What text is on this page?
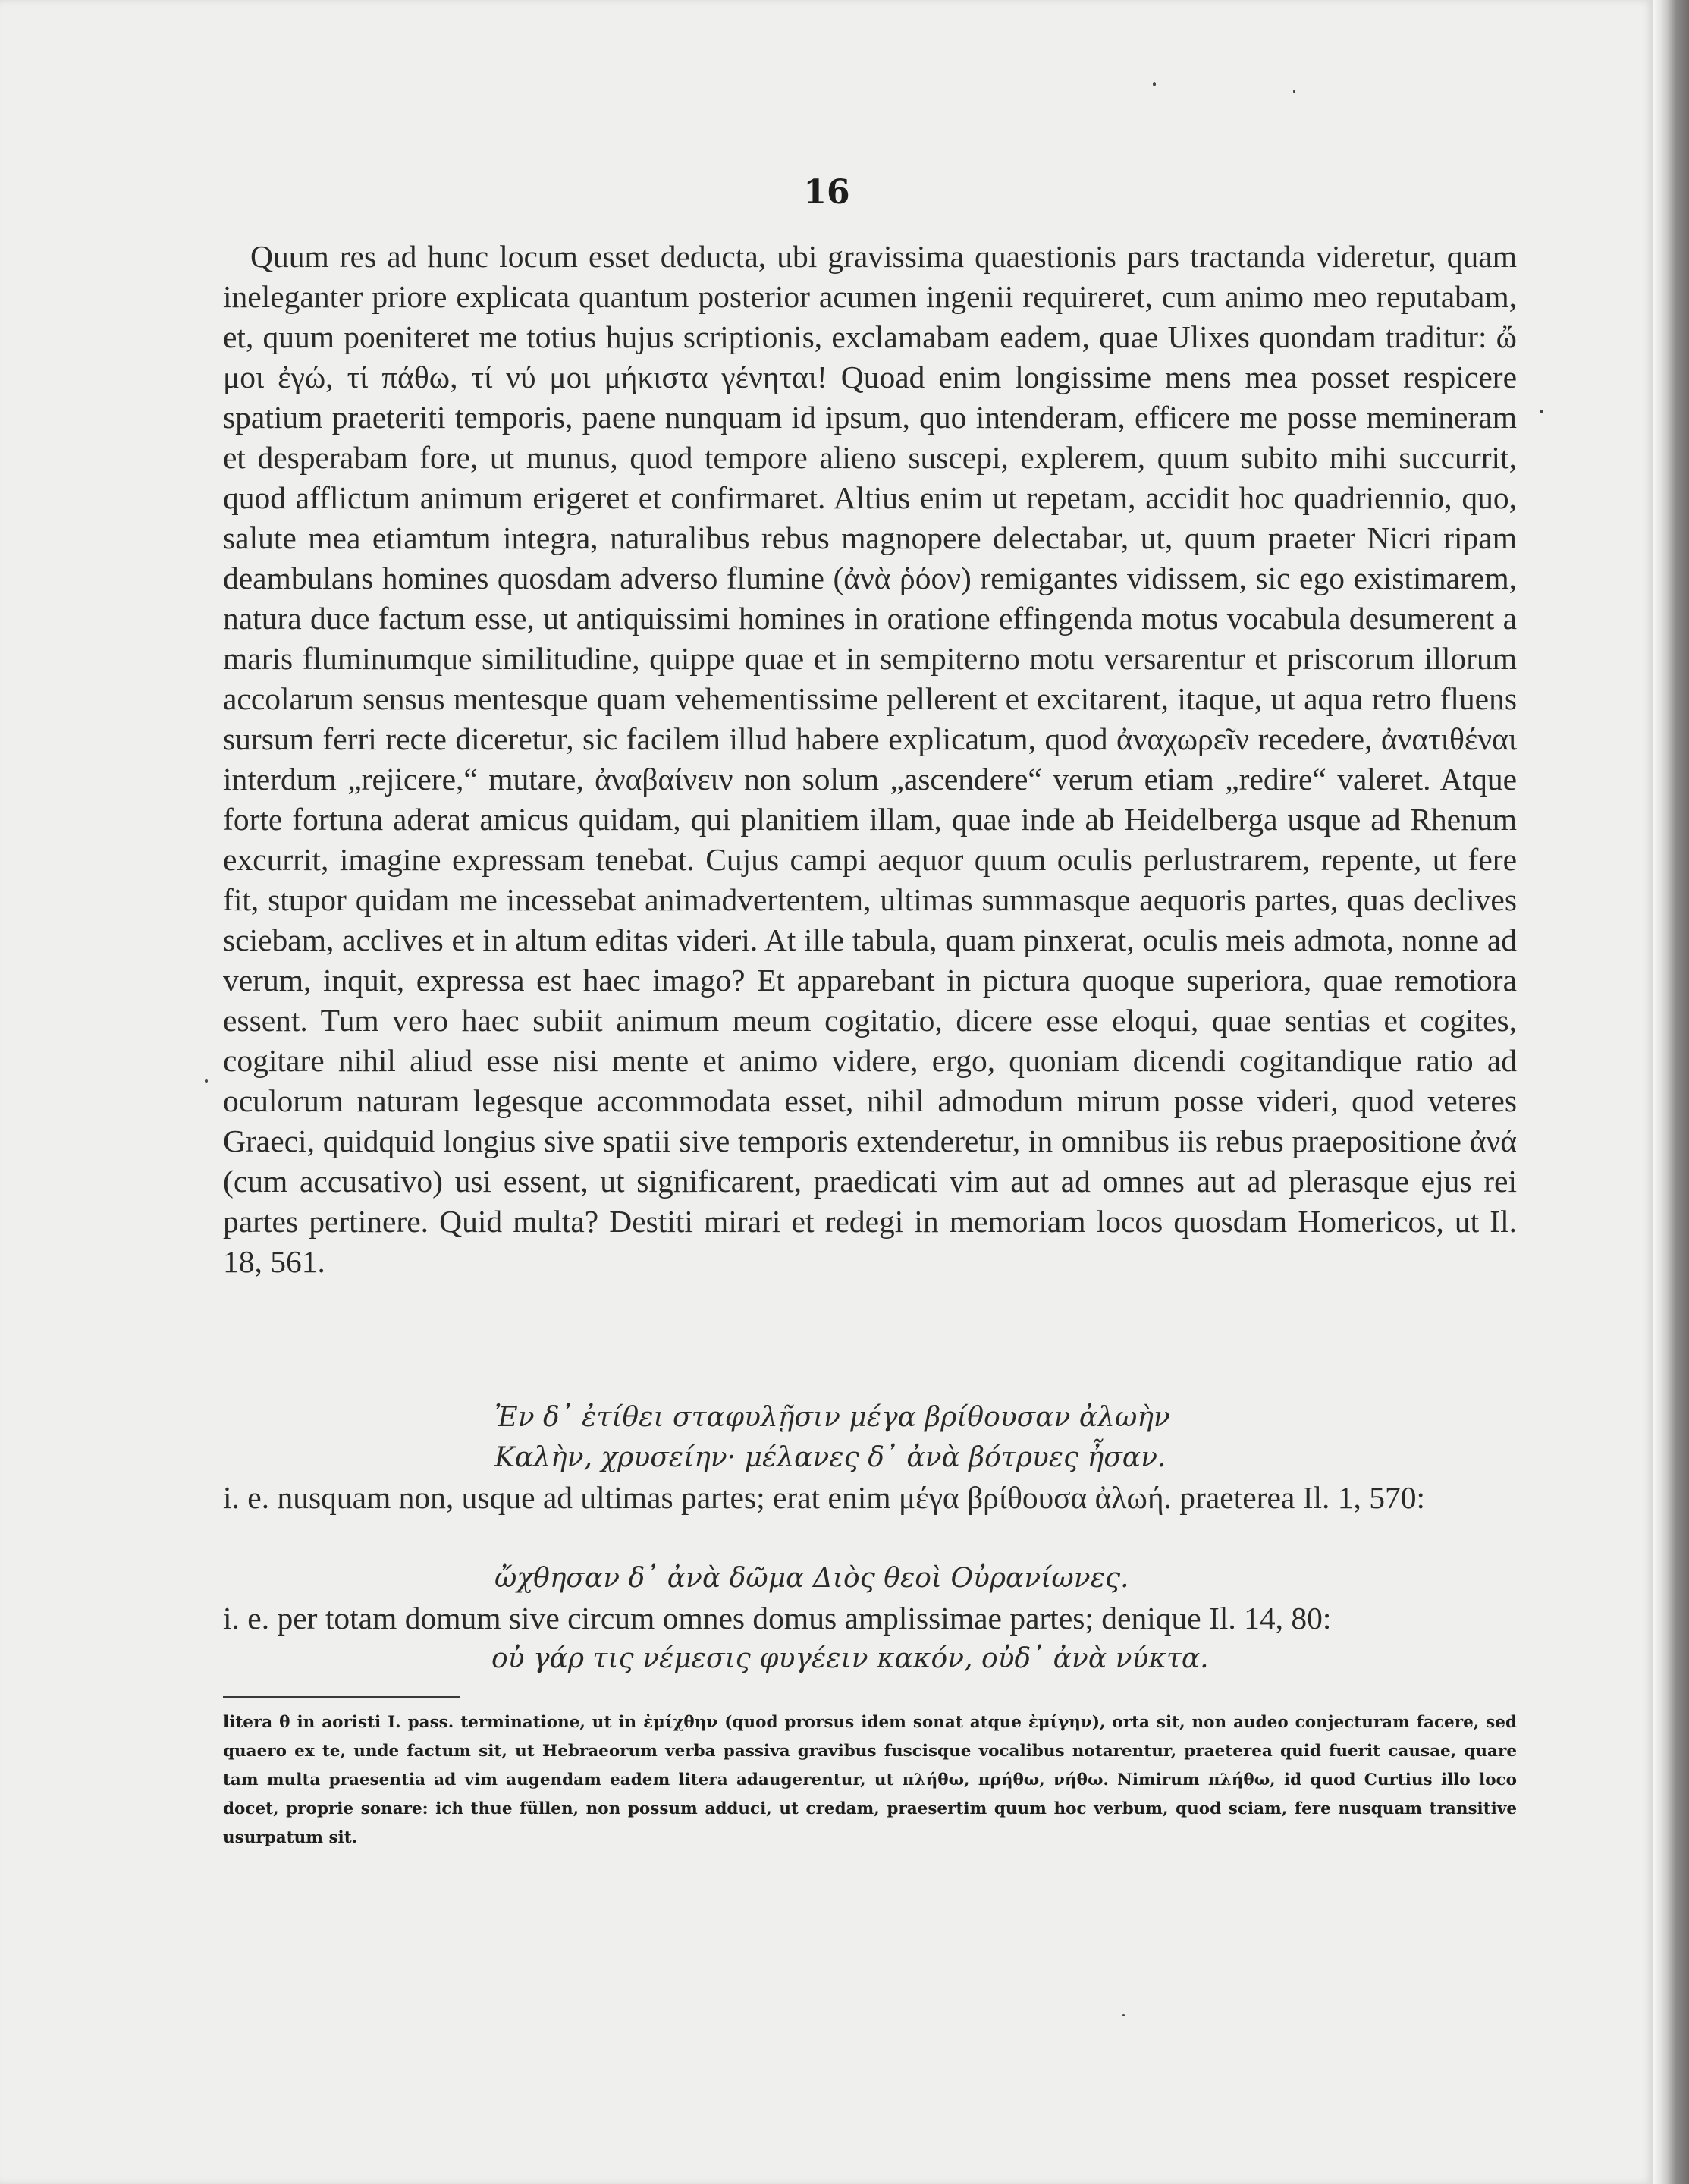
16

Quum res ad hunc locum esset deducta, ubi gravissima quaestionis pars tractanda videretur, quam ineleganter priore explicata quantum posterior acumen ingenii requireret, cum animo meo reputabam, et, quum poeniteret me totius hujus scriptionis, exclamabam eadem, quae Ulixes quondam traditur: ὤ μοι ἐγώ, τί πάθω, τί νύ μοι μήκιστα γένηται! Quoad enim longissime mens mea posset respicere spatium praeteriti temporis, paene nunquam id ipsum, quo intenderam, efficere me posse memineram et desperabam fore, ut munus, quod tempore alieno suscepi, explerem, quum subito mihi succurrit, quod afflictum animum erigeret et confirmaret. Altius enim ut repetam, accidit hoc quadriennio, quo, salute mea etiamtum integra, naturalibus rebus magnopere delectabar, ut, quum praeter Nicri ripam deambulans homines quosdam adverso flumine (ἀνὰ ῥόον) remigantes vidissem, sic ego existimarem, natura duce factum esse, ut antiquissimi homines in oratione effingenda motus vocabula desumerent a maris fluminumque similitudine, quippe quae et in sempiterno motu versarentur et priscorum illorum accolarum sensus mentesque quam vehementissime pellerent et excitarent, itaque, ut aqua retro fluens sursum ferri recte diceretur, sic facilem illud habere explicatum, quod ἀναχωρεῖν recedere, ἀνατιθέναι interdum „rejicere,“ mutare, ἀναβαίνειν non solum „ascendere“ verum etiam „redire“ valeret. Atque forte fortuna aderat amicus quidam, qui planitiem illam, quae inde ab Heidelberga usque ad Rhenum excurrit, imagine expressam tenebat. Cujus campi aequor quum oculis perlustrarem, repente, ut fere fit, stupor quidam me incessebat animadvertentem, ultimas summasque aequoris partes, quas declives sciebam, acclives et in altum editas videri. At ille tabula, quam pinxerat, oculis meis admota, nonne ad verum, inquit, expressa est haec imago? Et apparebant in pictura quoque superiora, quae remotiora essent. Tum vero haec subiit animum meum cogitatio, dicere esse eloqui, quae sentias et cogites, cogitare nihil aliud esse nisi mente et animo videre, ergo, quoniam dicendi cogitandique ratio ad oculorum naturam legesque accommodata esset, nihil admodum mirum posse videri, quod veteres Graeci, quidquid longius sive spatii sive temporis extenderetur, in omnibus iis rebus praepositione ἀνά (cum accusativo) usi essent, ut significarent, praedicati vim aut ad omnes aut ad plerasque ejus rei partes pertinere. Quid multa? Destiti mirari et redegi in memoriam locos quosdam Homericos, ut Il. 18, 561.

Ἐν δ᾽ ἐτίθει σταφυλῇσιν μέγα βρίθουσαν ἀλωὴν

Καλὴν, χρυσείην· μέλανες δ᾽ ἀνὰ βότρυες ἦσαν.

i. e. nusquam non, usque ad ultimas partes; erat enim μέγα βρίθουσα ἀλωή. praeterea Il. 1, 570:

ὤχθησαν δ᾽ ἀνὰ δῶμα Διὸς θεοὶ Οὐρανίωνες.

i. e. per totam domum sive circum omnes domus amplissimae partes; denique Il. 14, 80:

οὐ γάρ τις νέμεσις φυγέειν κακόν, οὐδ᾽ ἀνὰ νύκτα.

litera θ in aoristi I. pass. terminatione, ut in ἐμίχθην (quod prorsus idem sonat atque ἐμίγην), orta sit, non audeo conjecturam facere, sed quaero ex te, unde factum sit, ut Hebraeorum verba passiva gravibus fuscisque vocalibus notarentur, praeterea quid fuerit causae, quare tam multa praesentia ad vim augendam eadem litera adaugerentur, ut πλήθω, πρήθω, νήθω. Nimirum πλήθω, id quod Curtius illo loco docet, proprie sonare: ich thue füllen, non possum adduci, ut credam, praesertim quum hoc verbum, quod sciam, fere nusquam transitive usurpatum sit.
